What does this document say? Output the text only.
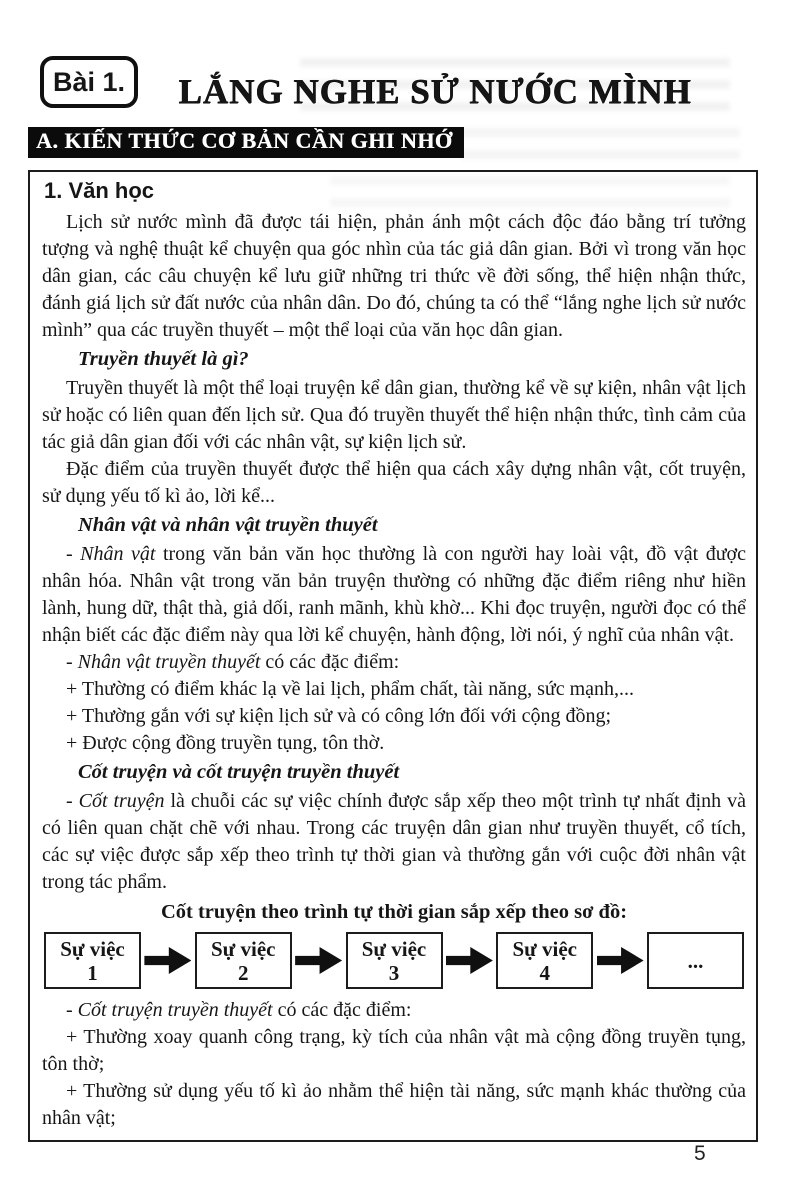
Bài 1.	LẮNG NGHE SỬ NƯỚC MÌNH
A. KIẾN THỨC CƠ BẢN CẦN GHI NHỚ
1. Văn học

Lịch sử nước mình đã được tái hiện, phản ánh một cách độc đáo bằng trí tưởng tượng và nghệ thuật kể chuyện qua góc nhìn của tác giả dân gian. Bởi vì trong văn học dân gian, các câu chuyện kể lưu giữ những tri thức về đời sống, thể hiện nhận thức, đánh giá lịch sử đất nước của nhân dân. Do đó, chúng ta có thể “lắng nghe lịch sử nước mình” qua các truyền thuyết – một thể loại của văn học dân gian.

Truyền thuyết là gì?

Truyền thuyết là một thể loại truyện kể dân gian, thường kể về sự kiện, nhân vật lịch sử hoặc có liên quan đến lịch sử. Qua đó truyền thuyết thể hiện nhận thức, tình cảm của tác giả dân gian đối với các nhân vật, sự kiện lịch sử.

Đặc điểm của truyền thuyết được thể hiện qua cách xây dựng nhân vật, cốt truyện, sử dụng yếu tố kì ảo, lời kể...

Nhân vật và nhân vật truyền thuyết

- Nhân vật trong văn bản văn học thường là con người hay loài vật, đồ vật được nhân hóa. Nhân vật trong văn bản truyện thường có những đặc điểm riêng như hiền lành, hung dữ, thật thà, giả dối, ranh mãnh, khù khờ... Khi đọc truyện, người đọc có thể nhận biết các đặc điểm này qua lời kể chuyện, hành động, lời nói, ý nghĩ của nhân vật.

- Nhân vật truyền thuyết có các đặc điểm:

+ Thường có điểm khác lạ về lai lịch, phẩm chất, tài năng, sức mạnh,...

+ Thường gắn với sự kiện lịch sử và có công lớn đối với cộng đồng;

+ Được cộng đồng truyền tụng, tôn thờ.

Cốt truyện và cốt truyện truyền thuyết

- Cốt truyện là chuỗi các sự việc chính được sắp xếp theo một trình tự nhất định và có liên quan chặt chẽ với nhau. Trong các truyện dân gian như truyền thuyết, cổ tích, các sự việc được sắp xếp theo trình tự thời gian và thường gắn với cuộc đời nhân vật trong tác phẩm.

Cốt truyện theo trình tự thời gian sắp xếp theo sơ đồ:

Sự việc
1
Sự việc
2
Sự việc
3
Sự việc
4	...

- Cốt truyện truyền thuyết có các đặc điểm:

+ Thường xoay quanh công trạng, kỳ tích của nhân vật mà cộng đồng truyền tụng, tôn thờ;

+ Thường sử dụng yếu tố kì ảo nhằm thể hiện tài năng, sức mạnh khác thường của nhân vật;

5
